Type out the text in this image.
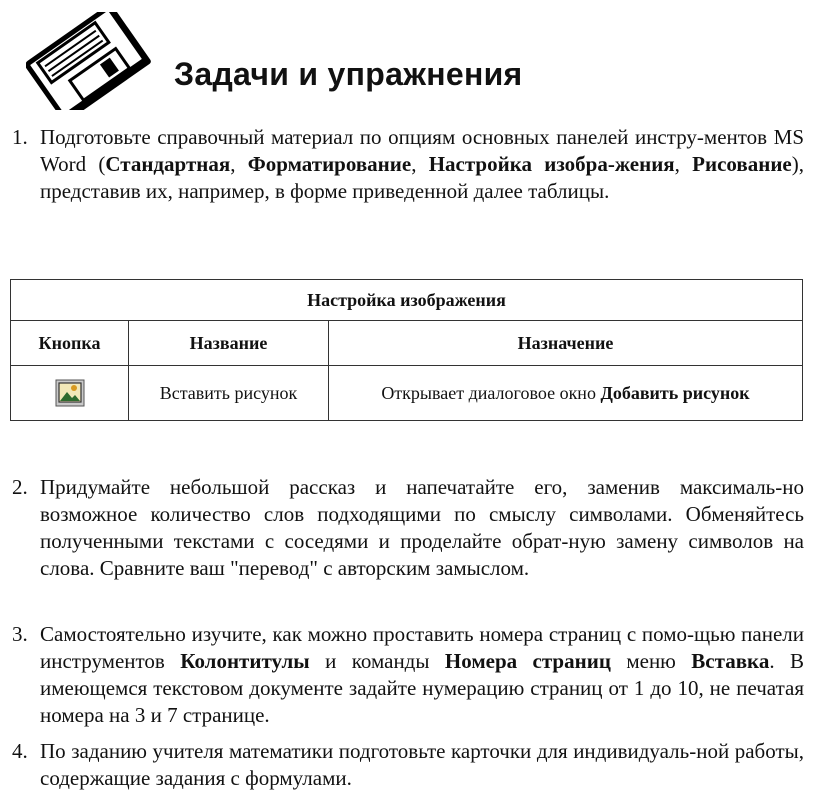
Задачи и упражнения
1. Подготовьте справочный материал по опциям основных панелей инстру-ментов MS Word (Стандартная, Форматирование, Настройка изобра-жения, Рисование), представив их, например, в форме приведенной далее таблицы.
Настройка изображения		
Кнопка	Название	Назначение
	Вставить рисунок	Открывает диалоговое окно Добавить рисунок
2. Придумайте небольшой рассказ и напечатайте его, заменив максималь-но возможное количество слов подходящими по смыслу символами. Обменяйтесь полученными текстами с соседями и проделайте обрат-ную замену символов на слова. Сравните ваш "перевод" с авторским замыслом.
3. Самостоятельно изучите, как можно проставить номера страниц с помо-щью панели инструментов Колонтитулы и команды Номера страниц меню Вставка. В имеющемся текстовом документе задайте нумерацию страниц от 1 до 10, не печатая номера на 3 и 7 странице.
4. По заданию учителя математики подготовьте карточки для индивидуаль-ной работы, содержащие задания с формулами.
